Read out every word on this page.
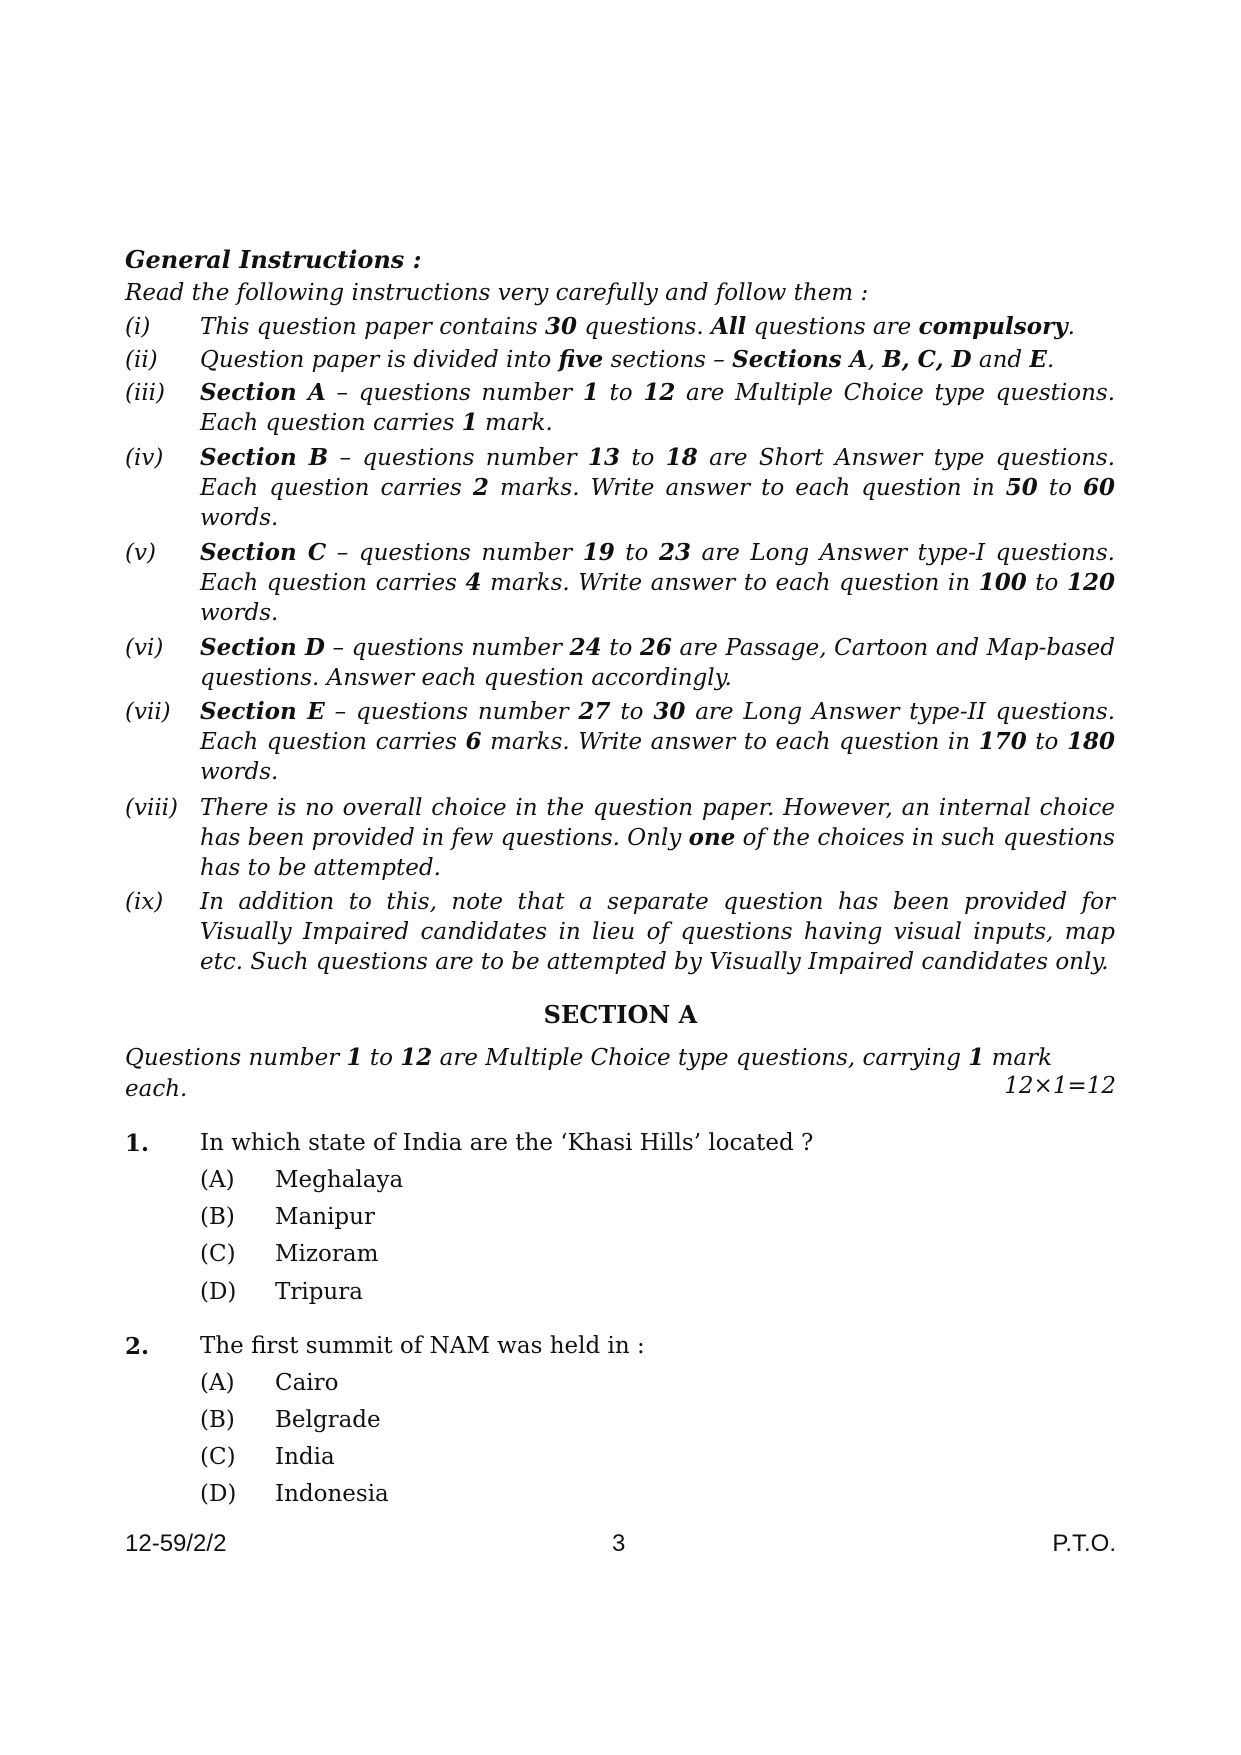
General Instructions :
Read the following instructions very carefully and follow them :
(i)	This question paper contains 30 questions. All questions are compulsory.
(ii)	Question paper is divided into five sections – Sections A, B, C, D and E.
(iii)	Section A – questions number 1 to 12 are Multiple Choice type questions. Each question carries 1 mark.
(iv)	Section B – questions number 13 to 18 are Short Answer type questions. Each question carries 2 marks. Write answer to each question in 50 to 60 words.
(v)	Section C – questions number 19 to 23 are Long Answer type-I questions. Each question carries 4 marks. Write answer to each question in 100 to 120 words.
(vi)	Section D – questions number 24 to 26 are Passage, Cartoon and Map-based questions. Answer each question accordingly.
(vii)	Section E – questions number 27 to 30 are Long Answer type-II questions. Each question carries 6 marks. Write answer to each question in 170 to 180 words.
(viii) There is no overall choice in the question paper. However, an internal choice has been provided in few questions. Only one of the choices in such questions has to be attempted.
(ix)	In addition to this, note that a separate question has been provided for Visually Impaired candidates in lieu of questions having visual inputs, map etc. Such questions are to be attempted by Visually Impaired candidates only.
SECTION A
Questions number 1 to 12 are Multiple Choice type questions, carrying 1 mark each.	12×1=12
1. In which state of India are the ‘Khasi Hills’ located ?
(A) Meghalaya
(B) Manipur
(C) Mizoram
(D) Tripura
2. The first summit of NAM was held in :
(A) Cairo
(B) Belgrade
(C) India
(D) Indonesia
12-59/2/2	3	P.T.O.
